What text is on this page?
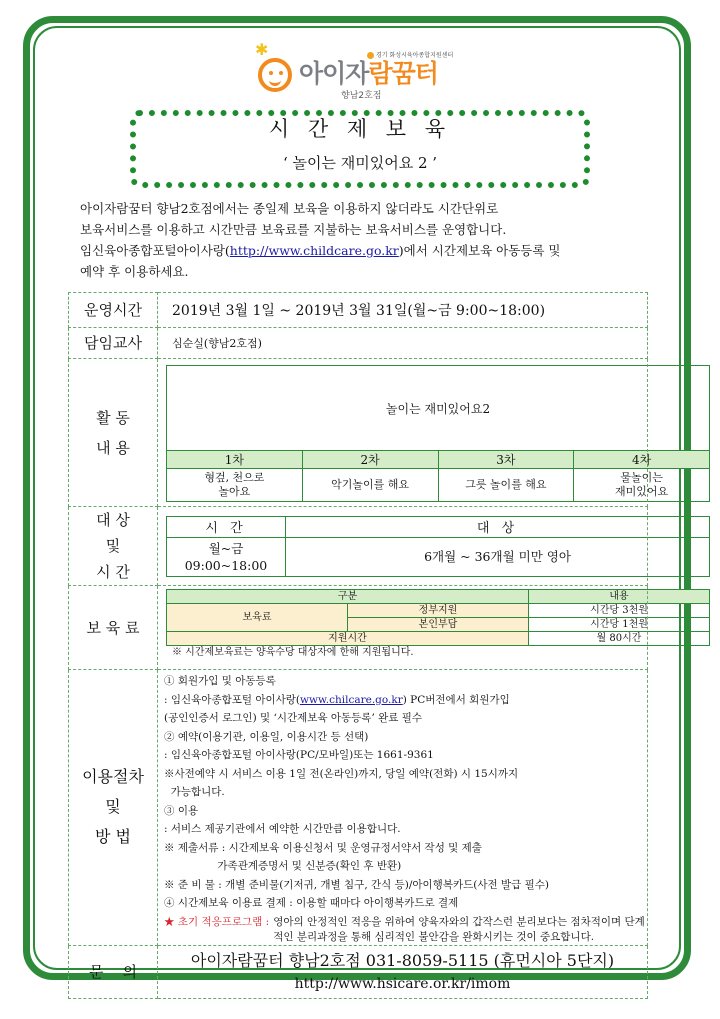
✱
아이자람꿈터
향남2호점
경기 화성시육아종합지원센터
시 간 제 보 육
‘ 놀이는 재미있어요 2 ’
아이자람꿈터 향남2호점에서는 종일제 보육을 이용하지 않더라도 시간단위로
보육서비스를 이용하고 시간만큼 보육료를 지불하는 보육서비스를 운영합니다.
임신육아종합포털아이사랑(http://www.childcare.go.kr)에서 시간제보육 아동등록 및
예약 후 이용하세요.
운영시간	2019년 3월 1일 ~ 2019년 3월 31일(월~금 9:00~18:00)
담임교사	심순실(향남2호점)

활 동
내 용

놀이는 재미있어요2
1차	2차	3차	4차
형겊, 천으로
놀아요	악기놀이를 해요	그릇 놀이를 해요	물놀이는
재미있어요

대 상
및
시 간

시 간	대 상

월~금
09:00~18:00
	6개월 ~ 36개월 미만 영아

보 육 료	
구분	내용
보육료	정부지원	시간당 3천원
본인부담	시간당 1천원
지원시간	월 80시간
※ 시간제보육료는 양육수당 대상자에 한해 지원됩니다.

이용절차
및
방 법

① 회원가입 및 아동등록
: 임신육아종합포털 아이사랑(www.chilcare.go.kr) PC버전에서 회원가입
(공인인증서 로그인) 및 ‘시간제보육 아동등록’ 완료 필수
② 예약(이용기관, 이용일, 이용시간 등 선택)
: 임신육아종합포털 아이사랑(PC/모바일)또는 1661-9361
※사전예약 시 서비스 이용 1일 전(온라인)까지, 당일 예약(전화) 시 15시까지
가능합니다.
③ 이용
: 서비스 제공기관에서 예약한 시간만큼 이용합니다.
※ 제출서류 : 시간제보육 이용신청서 및 운영규정서약서 작성 및 제출
가족관계증명서 및 신분증(확인 후 반환)
※ 준 비 물 : 개별 준비물(기저귀, 개별 침구, 간식 등)/아이행복카드(사전 발급 필수)
④ 시간제보육 이용료 결제 : 이용할 때마다 아이행복카드로 결제
★ 초기 적응프로그램 : 영아의 안정적인 적응을 위하여 양육자와의 갑작스런 분리보다는 점차적이며 단계적인 분리과정을 통해 심리적인 불안감을 완화시키는 것이 중요합니다.

문    의	
아이자람꿈터 향남2호점 031-8059-5115 (휴먼시아 5단지)
http://www.hsicare.or.kr/imom
